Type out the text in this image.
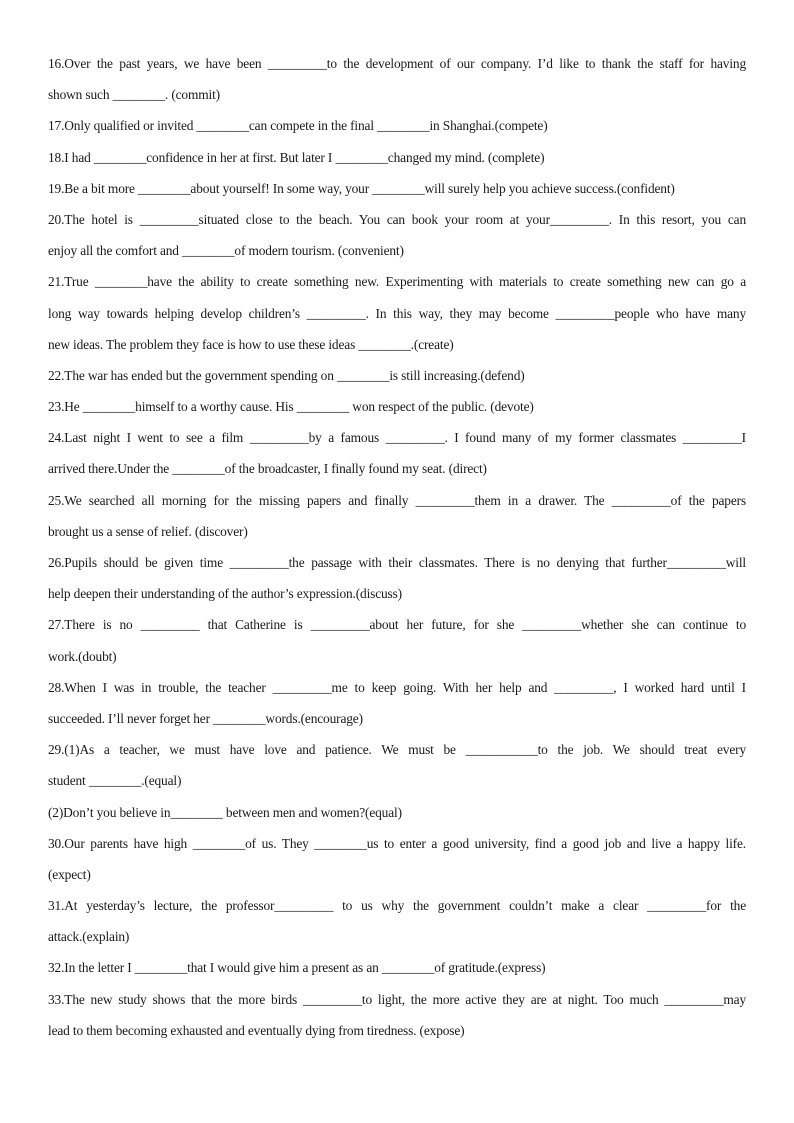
16.Over the past years, we have been _________to the development of our company. I’d like to thank the staff for having
shown such ________. (commit)
17.Only qualified or invited ________can compete in the final ________in Shanghai.(compete)
18.I had ________confidence in her at first. But later I ________changed my mind. (complete)
19.Be a bit more ________about yourself! In some way, your ________will surely help you achieve success.(confident)
20.The hotel is _________situated close to the beach. You can book your room at your_________. In this resort, you can
enjoy all the comfort and ________of modern tourism. (convenient)
21.True ________have the ability to create something new. Experimenting with materials to create something new can go a
long way towards helping develop children’s _________. In this way, they may become _________people who have many
new ideas. The problem they face is how to use these ideas ________.(create)
22.The war has ended but the government spending on ________is still increasing.(defend)
23.He ________himself to a worthy cause. His ________ won respect of the public. (devote)
24.Last night I went to see a film _________by a famous _________. I found many of my former classmates _________I
arrived there.Under the ________of the broadcaster, I finally found my seat. (direct)
25.We searched all morning for the missing papers and finally _________them in a drawer. The _________of the papers
brought us a sense of relief. (discover)
26.Pupils should be given time _________the passage with their classmates. There is no denying that further_________will
help deepen their understanding of the author’s expression.(discuss)
27.There is no _________ that Catherine is _________about her future, for she _________whether she can continue to
work.(doubt)
28.When I was in trouble, the teacher _________me to keep going. With her help and _________, I worked hard until I
succeeded. I’ll never forget her ________words.(encourage)
29.(1)As a teacher, we must have love and patience. We must be ___________to the job. We should treat every
student ________.(equal)
(2)Don’t you believe in________ between men and women?(equal)
30.Our parents have high ________of us. They ________us to enter a good university, find a good job and live a happy life.
(expect)
31.At yesterday’s lecture, the professor_________ to us why the government couldn’t make a clear _________for the
attack.(explain)
32.In the letter I ________that I would give him a present as an ________of gratitude.(express)
33.The new study shows that the more birds _________to light, the more active they are at night. Too much _________may
lead to them becoming exhausted and eventually dying from tiredness. (expose)
